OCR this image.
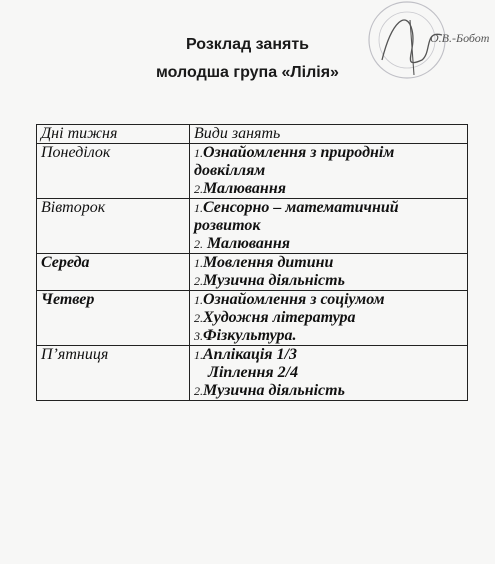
Розклад занять
молодша група «Лілія»
О.В.-Бобот
Дні тижня	Види занять
Понеділок	1.Ознайомлення з природнім довкіллям
2.Малювання

Вівторок	1.Сенсорно – математичний розвиток
2. Малювання

Середа	1.Мовлення дитини
2.Музична діяльність

Четвер	1.Ознайомлення з соціумом
2.Художня література
3.Фізкультура.

П’ятниця	1.Аплікація 1/3
Ліплення 2/4
2.Музична діяльність
